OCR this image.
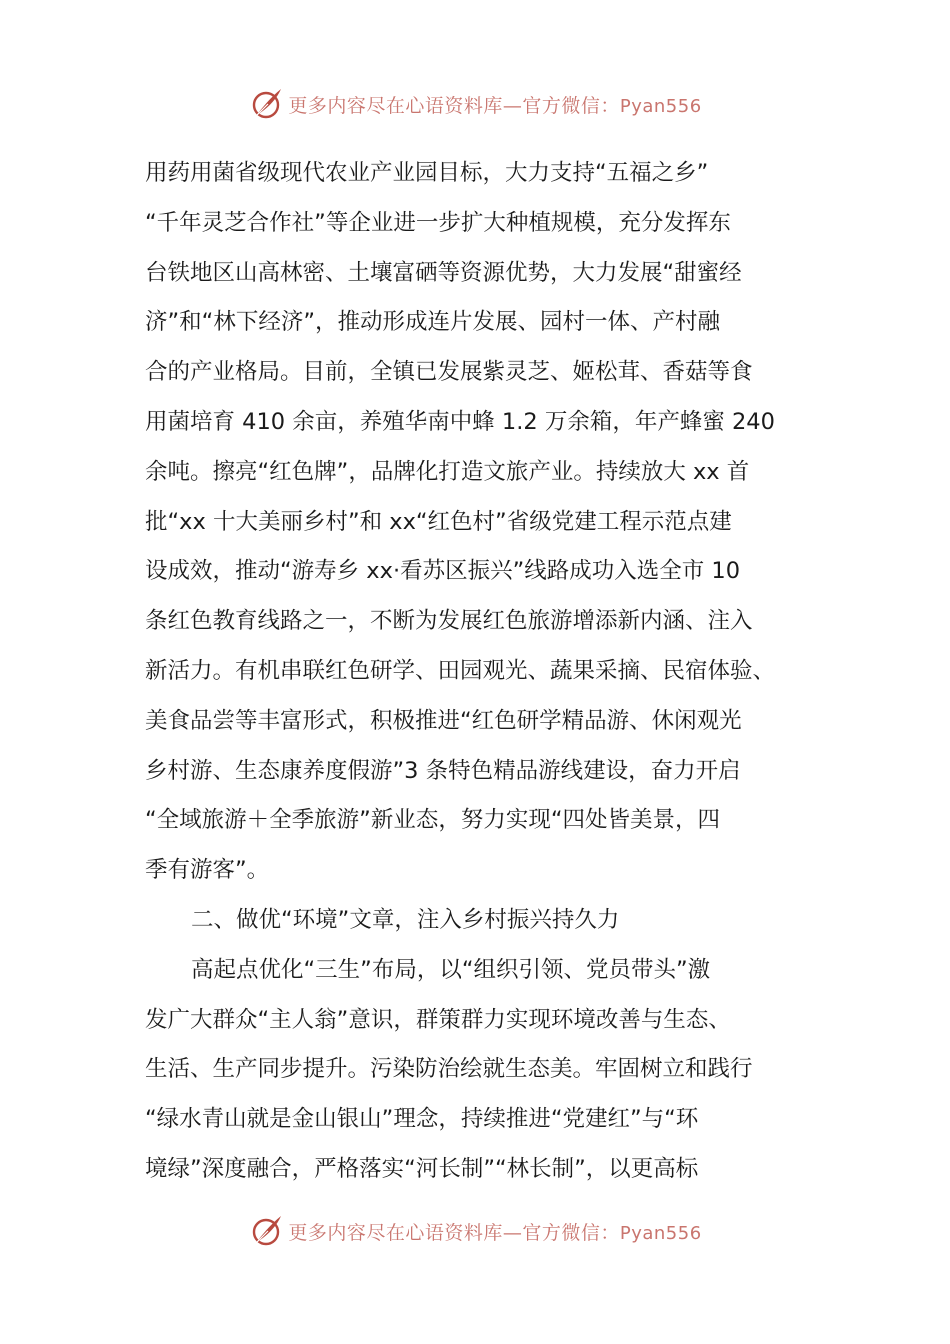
更多内容尽在心语资料库—官方微信：Pyan556
用药用菌省级现代农业产业园目标，大力支持“五福之乡”
“千年灵芝合作社”等企业进一步扩大种植规模，充分发挥东
台铁地区山高林密、土壤富硒等资源优势，大力发展“甜蜜经
济”和“林下经济”，推动形成连片发展、园村一体、产村融
合的产业格局。目前，全镇已发展紫灵芝、姬松茸、香菇等食
用菌培育 410 余亩，养殖华南中蜂 1.2 万余箱，年产蜂蜜 240
余吨。擦亮“红色牌”，品牌化打造文旅产业。持续放大 xx 首
批“xx 十大美丽乡村”和 xx“红色村”省级党建工程示范点建
设成效，推动“游寿乡 xx·看苏区振兴”线路成功入选全市 10
条红色教育线路之一，不断为发展红色旅游增添新内涵、注入
新活力。有机串联红色研学、田园观光、蔬果采摘、民宿体验、
美食品尝等丰富形式，积极推进“红色研学精品游、休闲观光
乡村游、生态康养度假游”3 条特色精品游线建设，奋力开启
“全域旅游＋全季旅游”新业态，努力实现“四处皆美景，四
季有游客”。
二、做优“环境”文章，注入乡村振兴持久力
高起点优化“三生”布局，以“组织引领、党员带头”激
发广大群众“主人翁”意识，群策群力实现环境改善与生态、
生活、生产同步提升。污染防治绘就生态美。牢固树立和践行
“绿水青山就是金山银山”理念，持续推进“党建红”与“环
境绿”深度融合，严格落实“河长制”“林长制”，以更高标
更多内容尽在心语资料库—官方微信：Pyan556
